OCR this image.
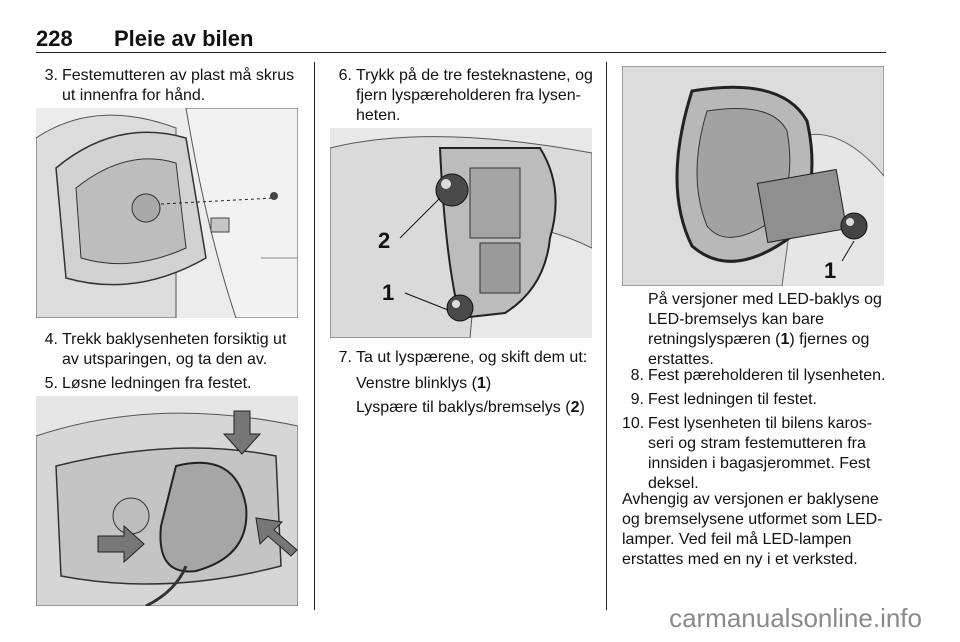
228 Pleie av bilen
3. Festemutteren av plast må skrus
ut innenfra for hånd.
4. Trekk baklysenheten forsiktig ut
av utsparingen, og ta den av.
5. Løsne ledningen fra festet.
6. Trykk på de tre festeknastene, og
fjern lyspæreholderen fra lysen-
heten.
2
1
7. Ta ut lyspærene, og skift dem ut:
Venstre blinklys (1)
Lyspære til baklys/bremselys (2)
1
På versjoner med LED-baklys og
LED-bremselys kan bare
retningslyspæren (1) fjernes og
erstattes.
8. Fest pæreholderen til lysenheten.
9. Fest ledningen til festet.
10. Fest lysenheten til bilens karos-
seri og stram festemutteren fra
innsiden i bagasjerommet. Fest
deksel.
Avhengig av versjonen er baklysene
og bremselysene utformet som LED-
lamper. Ved feil må LED-lampen
erstattes med en ny i et verksted.
carmanualsonline.info
